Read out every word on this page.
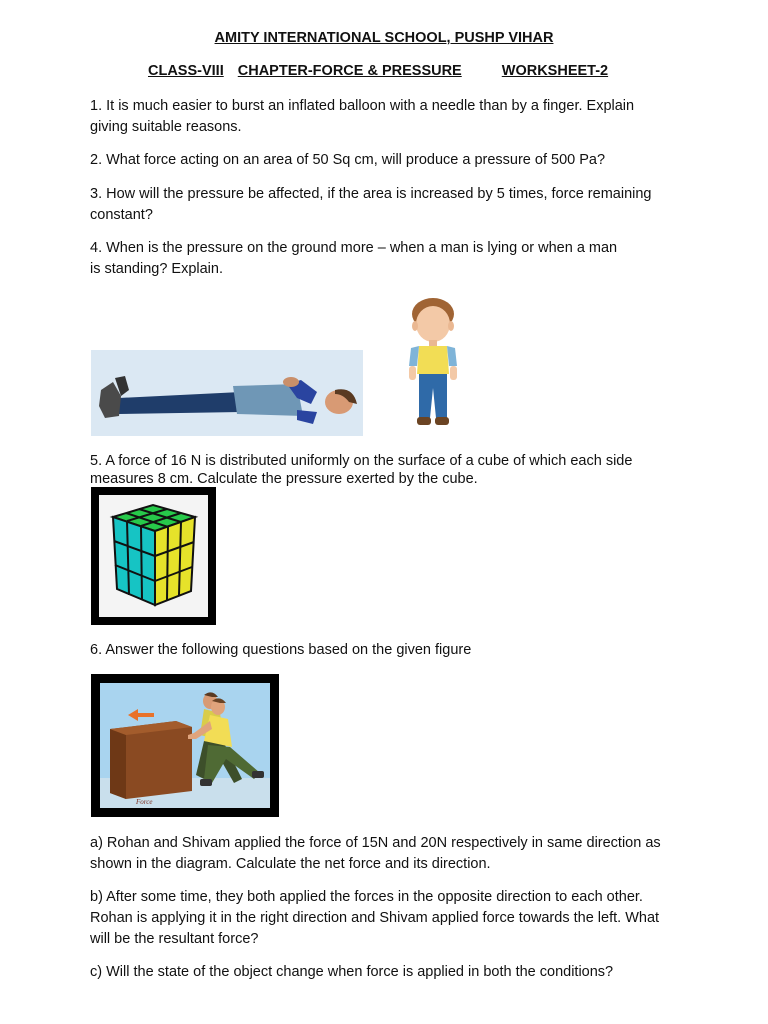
AMITY INTERNATIONAL SCHOOL, PUSHP VIHAR
CLASS-VIII CHAPTER-FORCE & PRESSURE	WORKSHEET-2
1. It is much easier to burst an inflated balloon with a needle than by a finger. Explain giving suitable reasons.
2. What force acting on an area of 50 Sq cm, will produce a pressure of 500 Pa?
3. How will the pressure be affected, if the area is increased by 5 times, force remaining constant?
4. When is the pressure on the ground more – when a man is lying or when a man
is standing? Explain.
5. A force of 16 N is distributed uniformly on the surface of a cube of which each side measures 8 cm. Calculate the pressure exerted by the cube.
6. Answer the following questions based on the given figure
Force
a) Rohan and Shivam applied the force of 15N and 20N respectively in same direction as shown in the diagram. Calculate the net force and its direction.
b) After some time, they both applied the forces in the opposite direction to each other. Rohan is applying it in the right direction and Shivam applied force towards the left. What will be the resultant force?
c) Will the state of the object change when force is applied in both the conditions?
